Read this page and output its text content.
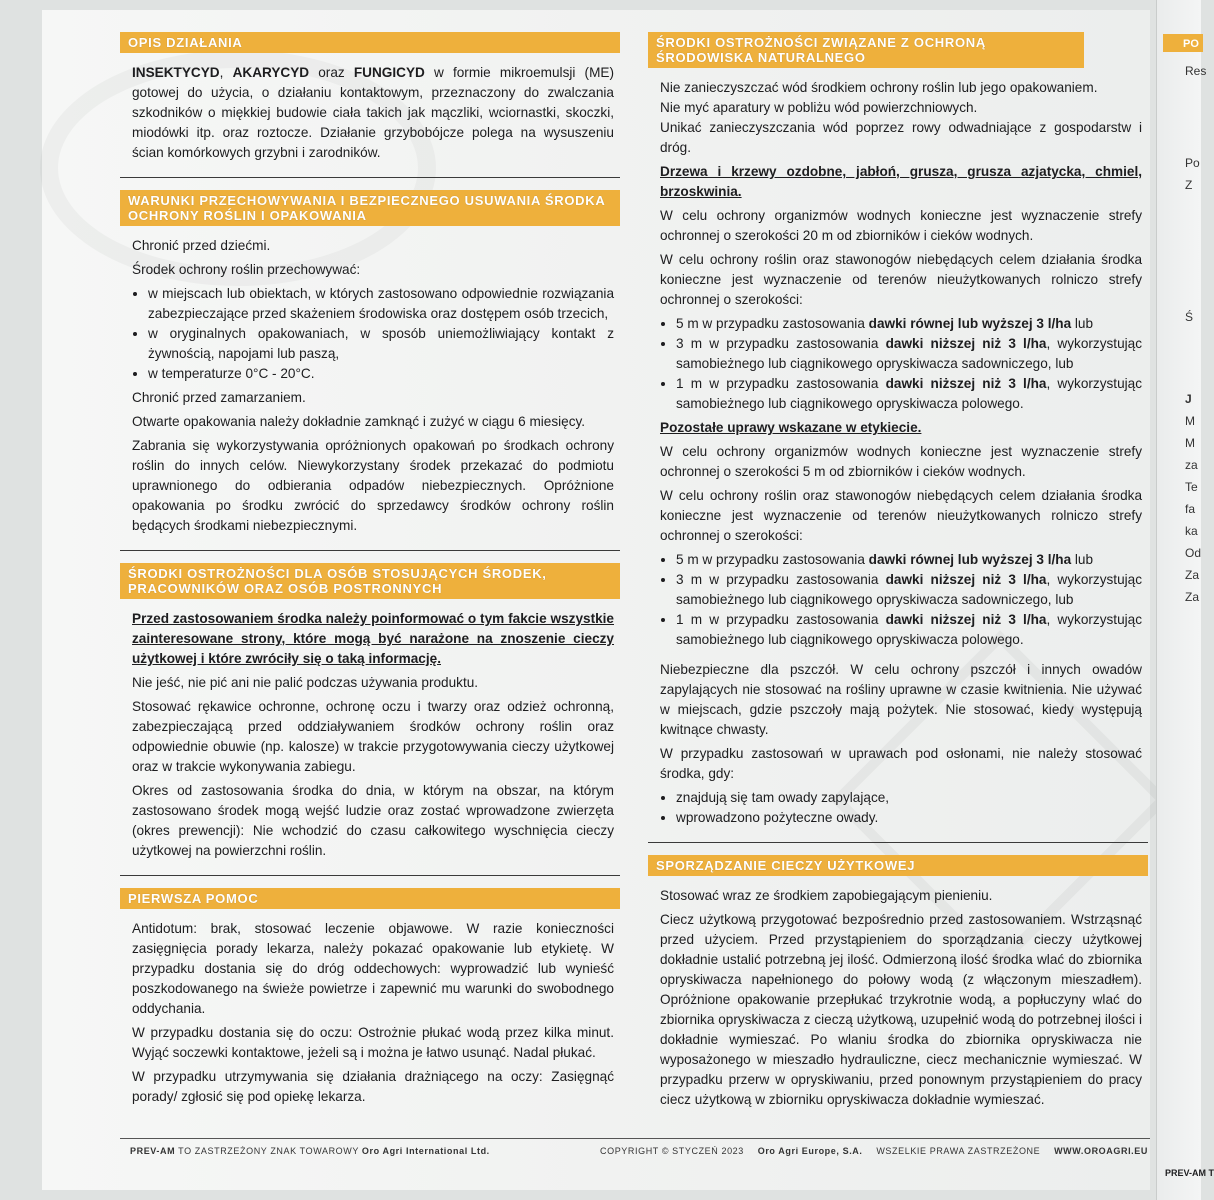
OPIS DZIAŁANIA

INSEKTYCYD, AKARYCYD oraz FUNGICYD w formie mikroemulsji (ME) gotowej do użycia, o działaniu kontaktowym, przeznaczony do zwalczania szkodników o miękkiej budowie ciała takich jak mączliki, wciornastki, skoczki, miodówki itp. oraz roztocze. Działanie grzybobójcze polega na wysuszeniu ścian komórkowych grzybni i zarodników.

WARUNKI PRZECHOWYWANIA I BEZPIECZNEGO USUWANIA ŚRODKA OCHRONY ROŚLIN I OPAKOWANIA

Chronić przed dziećmi.

Środek ochrony roślin przechowywać:

• w miejscach lub obiektach, w których zastosowano odpowiednie rozwiązania zabezpieczające przed skażeniem środowiska oraz dostępem osób trzecich,
• w oryginalnych opakowaniach, w sposób uniemożliwiający kontakt z żywnością, napojami lub paszą,
• w temperaturze 0°C - 20°C.

Chronić przed zamarzaniem.

Otwarte opakowania należy dokładnie zamknąć i zużyć w ciągu 6 miesięcy.

Zabrania się wykorzystywania opróżnionych opakowań po środkach ochrony roślin do innych celów. Niewykorzystany środek przekazać do podmiotu uprawnionego do odbierania odpadów niebezpiecznych. Opróżnione opakowania po środku zwrócić do sprzedawcy środków ochrony roślin będących środkami niebezpiecznymi.

ŚRODKI OSTROŻNOŚCI DLA OSÓB STOSUJĄCYCH ŚRODEK, PRACOWNIKÓW ORAZ OSÓB POSTRONNYCH

Przed zastosowaniem środka należy poinformować o tym fakcie wszystkie zainteresowane strony, które mogą być narażone na znoszenie cieczy użytkowej i które zwróciły się o taką informację.

Nie jeść, nie pić ani nie palić podczas używania produktu.

Stosować rękawice ochronne, ochronę oczu i twarzy oraz odzież ochronną, zabezpieczającą przed oddziaływaniem środków ochrony roślin oraz odpowiednie obuwie (np. kalosze) w trakcie przygotowywania cieczy użytkowej oraz w trakcie wykonywania zabiegu.

Okres od zastosowania środka do dnia, w którym na obszar, na którym zastosowano środek mogą wejść ludzie oraz zostać wprowadzone zwierzęta (okres prewencji): Nie wchodzić do czasu całkowitego wyschnięcia cieczy użytkowej na powierzchni roślin.

PIERWSZA POMOC

Antidotum: brak, stosować leczenie objawowe. W razie konieczności zasięgnięcia porady lekarza, należy pokazać opakowanie lub etykietę. W przypadku dostania się do dróg oddechowych: wyprowadzić lub wynieść poszkodowanego na świeże powietrze i zapewnić mu warunki do swobodnego oddychania.

W przypadku dostania się do oczu: Ostrożnie płukać wodą przez kilka minut. Wyjąć soczewki kontaktowe, jeżeli są i można je łatwo usunąć. Nadal płukać.

W przypadku utrzymywania się działania drażniącego na oczy: Zasięgnąć porady/ zgłosić się pod opiekę lekarza.

ŚRODKI OSTROŻNOŚCI ZWIĄZANE Z OCHRONĄ ŚRODOWISKA NATURALNEGO

Nie zanieczyszczać wód środkiem ochrony roślin lub jego opakowaniem.

Nie myć aparatury w pobliżu wód powierzchniowych.

Unikać zanieczyszczania wód poprzez rowy odwadniające z gospodarstw i dróg.

Drzewa i krzewy ozdobne, jabłoń, grusza, grusza azjatycka, chmiel, brzoskwinia.

W celu ochrony organizmów wodnych konieczne jest wyznaczenie strefy ochronnej o szerokości 20 m od zbiorników i cieków wodnych.

W celu ochrony roślin oraz stawonogów niebędących celem działania środka konieczne jest wyznaczenie od terenów nieużytkowanych rolniczo strefy ochronnej o szerokości:

• 5 m w przypadku zastosowania dawki równej lub wyższej 3 l/ha lub
• 3 m w przypadku zastosowania dawki niższej niż 3 l/ha, wykorzystując samobieżnego lub ciągnikowego opryskiwacza sadowniczego, lub
• 1 m w przypadku zastosowania dawki niższej niż 3 l/ha, wykorzystując samobieżnego lub ciągnikowego opryskiwacza polowego.

Pozostałe uprawy wskazane w etykiecie.

W celu ochrony organizmów wodnych konieczne jest wyznaczenie strefy ochronnej o szerokości 5 m od zbiorników i cieków wodnych.

W celu ochrony roślin oraz stawonogów niebędących celem działania środka konieczne jest wyznaczenie od terenów nieużytkowanych rolniczo strefy ochronnej o szerokości:

• 5 m w przypadku zastosowania dawki równej lub wyższej 3 l/ha lub
• 3 m w przypadku zastosowania dawki niższej niż 3 l/ha, wykorzystując samobieżnego lub ciągnikowego opryskiwacza sadowniczego, lub
• 1 m w przypadku zastosowania dawki niższej niż 3 l/ha, wykorzystując samobieżnego lub ciągnikowego opryskiwacza polowego.

Niebezpieczne dla pszczół. W celu ochrony pszczół i innych owadów zapylających nie stosować na rośliny uprawne w czasie kwitnienia. Nie używać w miejscach, gdzie pszczoły mają pożytek. Nie stosować, kiedy występują kwitnące chwasty.

W przypadku zastosowań w uprawach pod osłonami, nie należy stosować środka, gdy:

• znajdują się tam owady zapylające,
• wprowadzono pożyteczne owady.
SPORZĄDZANIE CIECZY UŻYTKOWEJ

Stosować wraz ze środkiem zapobiegającym pienieniu.

Ciecz użytkową przygotować bezpośrednio przed zastosowaniem. Wstrząsnąć przed użyciem. Przed przystąpieniem do sporządzania cieczy użytkowej dokładnie ustalić potrzebną jej ilość. Odmierzoną ilość środka wlać do zbiornika opryskiwacza napełnionego do połowy wodą (z włączonym mieszadłem). Opróżnione opakowanie przepłukać trzykrotnie wodą, a popłuczyny wlać do zbiornika opryskiwacza z cieczą użytkową, uzupełnić wodą do potrzebnej ilości i dokładnie wymieszać. Po wlaniu środka do zbiornika opryskiwacza nie wyposażonego w mieszadło hydrauliczne, ciecz mechanicznie wymieszać. W przypadku przerw w opryskiwaniu, przed ponownym przystąpieniem do pracy ciecz użytkową w zbiorniku opryskiwacza dokładnie wymieszać.

PREV-AM TO ZASTRZEŻONY ZNAK TOWAROWY Oro Agri International Ltd.	COPYRIGHT © STYCZEŃ 2023 Oro Agri Europe, S.A. WSZELKIE PRAWA ZASTRZEŻONE WWW.OROAGRI.EU
PO
Res
Po
Z
Ś
J
M
M
za
Te
fa
ka
Od
Za
Za
PREV-AM T
